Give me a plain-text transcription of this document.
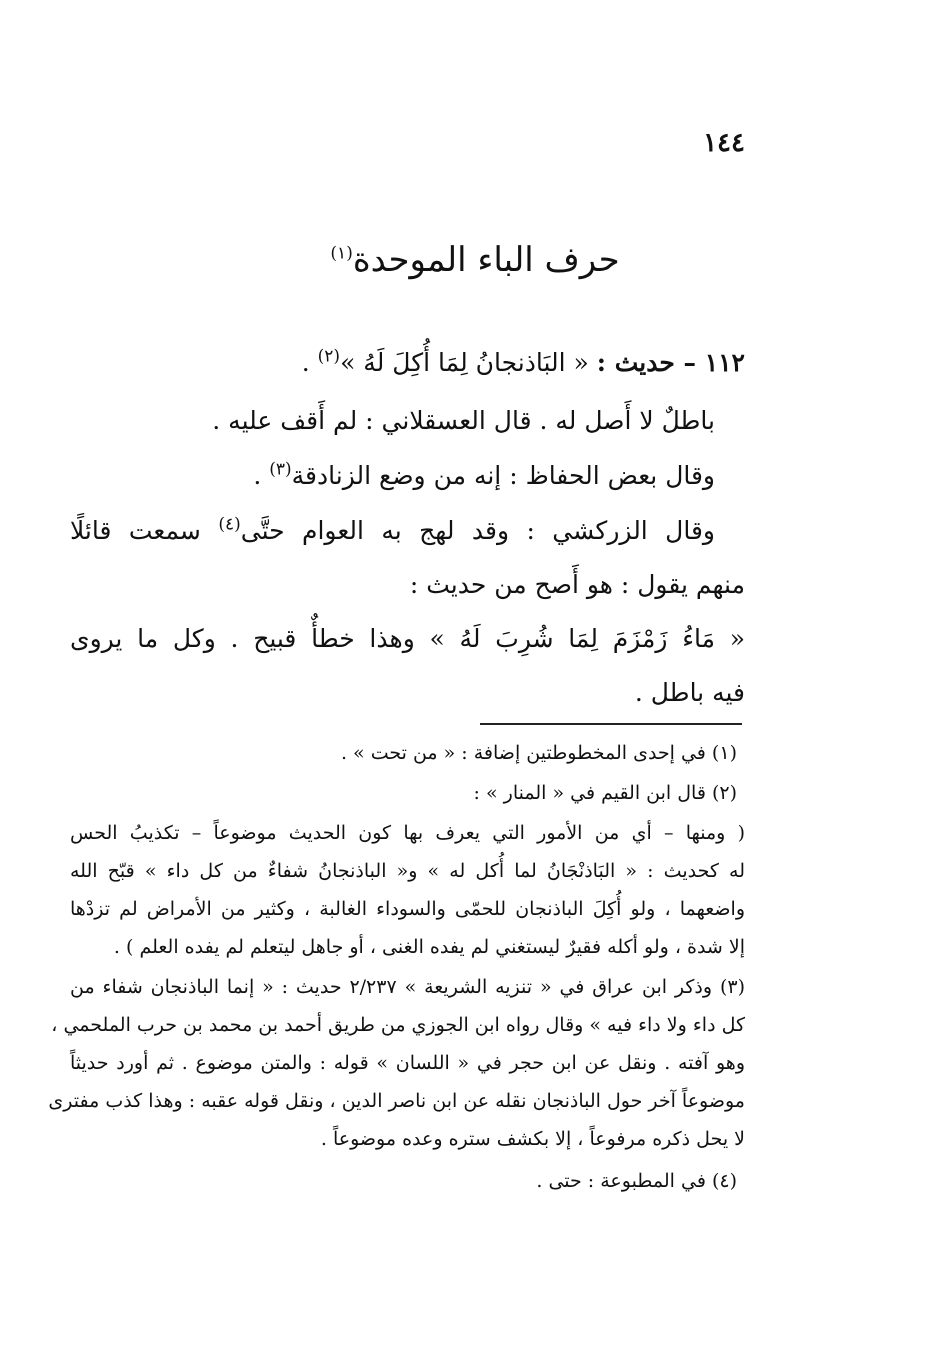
١٤٤
حرف الباء الموحدة$^{(١)}$
١١٢ – حديث : « البَاذنجانُ لِمَا أُكِلَ لَهُ »$^{(٢)}$ .
باطلٌ لا أَصل له . قال العسقلاني : لم أَقف عليه .
وقال بعض الحفاظ : إنه من وضع الزنادقة$^{(٣)}$ .
وقال الزركشي : وقد لهج به العوام حتَّى$^{(٤)}$ سمعت قائلًا
منهم يقول : هو أَصح من حديث :
« مَاءُ زَمْزَمَ لِمَا شُرِبَ لَهُ » وهذا خطأٌ قبيح . وكل ما يروى
فيه باطل .
(١) في إحدى المخطوطتين إضافة : « من تحت » .
(٢) قال ابن القيم في « المنار » :
( ومنها – أي من الأمور التي يعرف بها كون الحديث موضوعاً – تكذيبُ الحس
له كحديث : « البَاذنْجَانُ لما أُكل له » و« الباذنجانُ شفاءٌ من كل داء » قبّح الله
واضعهما ، ولو أُكِلَ الباذنجان للحمّى والسوداء الغالبة ، وكثير من الأمراض لم تزدْها
إلا شدة ، ولو أكله فقيرٌ ليستغني لم يفده الغنى ، أو جاهل ليتعلم لم يفده العلم ) .
(٣) وذكر ابن عراق في « تنزيه الشريعة » ٢/٢٣٧ حديث : « إنما الباذنجان شفاء من
كل داء ولا داء فيه » وقال رواه ابن الجوزي من طريق أحمد بن محمد بن حرب الملحمي ،
وهو آفته . ونقل عن ابن حجر في « اللسان » قوله : والمتن موضوع . ثم أورد حديثاً
موضوعاً آخر حول الباذنجان نقله عن ابن ناصر الدين ، ونقل قوله عقبه : وهذا كذب مفترى
لا يحل ذكره مرفوعاً ، إلا بكشف ستره وعده موضوعاً .
(٤) في المطبوعة : حتى .
